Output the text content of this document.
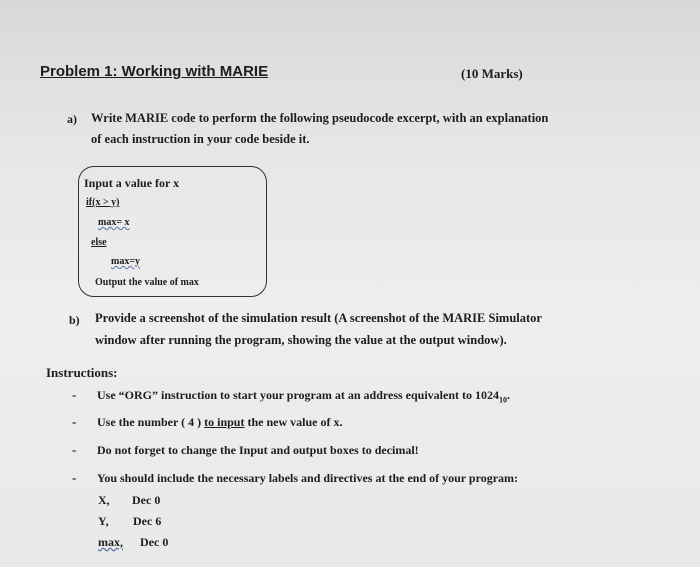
Problem 1: Working with MARIE	(10 Marks)
a) Write MARIE code to perform the following pseudocode excerpt, with an explanation
of each instruction in your code beside it.
Input a value for x
if(x > y)
max= x
else
max=y
Output the value of max
b) Provide a screenshot of the simulation result (A screenshot of the MARIE Simulator
window after running the program, showing the value at the output window).
Instructions:
- Use “ORG” instruction to start your program at an address equivalent to $1024_{10}$.
- Use the number ( 4 ) to input the new value of x.
- Do not forget to change the Input and output boxes to decimal!
- You should include the necessary labels and directives at the end of your program:
X, Dec 0
Y, Dec 6
max, Dec 0
